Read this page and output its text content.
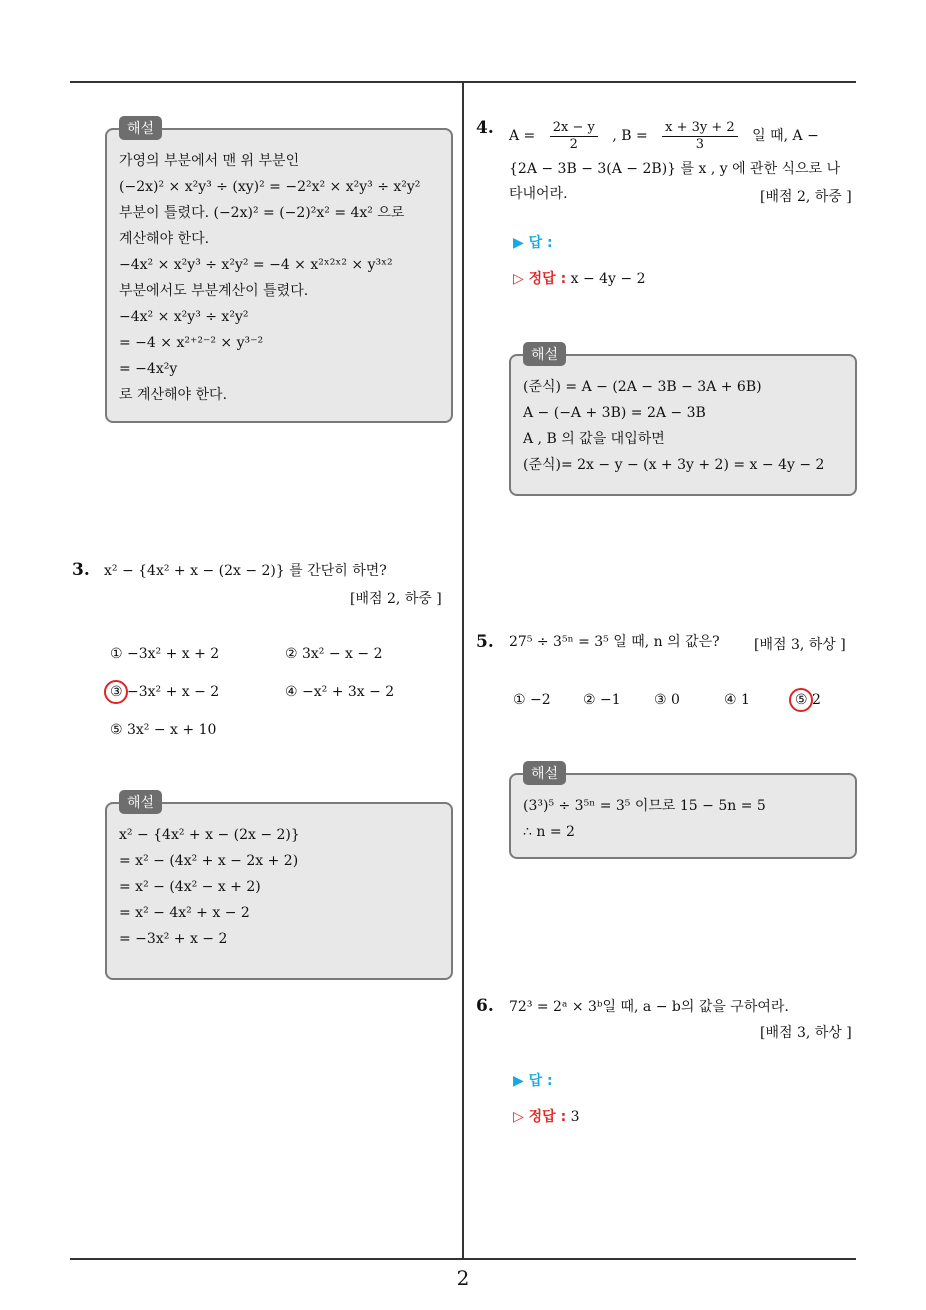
해설
가영의 부분에서 맨 위 부분인
(−2x)² × x²y³ ÷ (xy)² = −2²x² × x²y³ ÷ x²y²
부분이 틀렸다. (−2x)² = (−2)²x² = 4x² 으로
계산해야 한다.
−4x² × x²y³ ÷ x²y² = −4 × x²ˣ²ˣ² × y³ˣ²
부분에서도 부분계산이 틀렸다.
−4x² × x²y³ ÷ x²y²
= −4 × x²⁺²⁻² × y³⁻²
= −4x²y
로 계산해야 한다.
3. x² − {4x² + x − (2x − 2)} 를 간단히 하면?
[배점 2, 하중 ]
① −3x² + x + 2	② 3x² − x − 2
③ −3x² + x − 2	④ −x² + 3x − 2
⑤ 3x² − x + 10
해설
x² − {4x² + x − (2x − 2)}
= x² − (4x² + x − 2x + 2)
= x² − (4x² − x + 2)
= x² − 4x² + x − 2
= −3x² + x − 2
4. $A = \frac{2x - y}{2}$ , $B = \frac{x + 3y + 2}{3}$ 일 때, A −
{2A − 3B − 3(A − 2B)} 를 x , y 에 관한 식으로 나
타내어라.	[배점 2, 하중 ]
▶ 답 :
▷ 정답 : x − 4y − 2
해설
(준식) = A − (2A − 3B − 3A + 6B)
A − (−A + 3B) = 2A − 3B
A , B 의 값을 대입하면
(준식)= 2x − y − (x + 3y + 2) = x − 4y − 2
5. 27⁵ ÷ 3⁵ⁿ = 3⁵ 일 때, n 의 값은? [배점 3, 하상 ]
① −2 ② −1 ③ 0	④ 1	⑤ 2
해설
(3³)⁵ ÷ 3⁵ⁿ = 3⁵ 이므로 15 − 5n = 5
∴ n = 2
6. 72³ = 2ᵃ × 3ᵇ일 때, a − b의 값을 구하여라.
[배점 3, 하상 ]
▶ 답 :
▷ 정답 : 3
2
